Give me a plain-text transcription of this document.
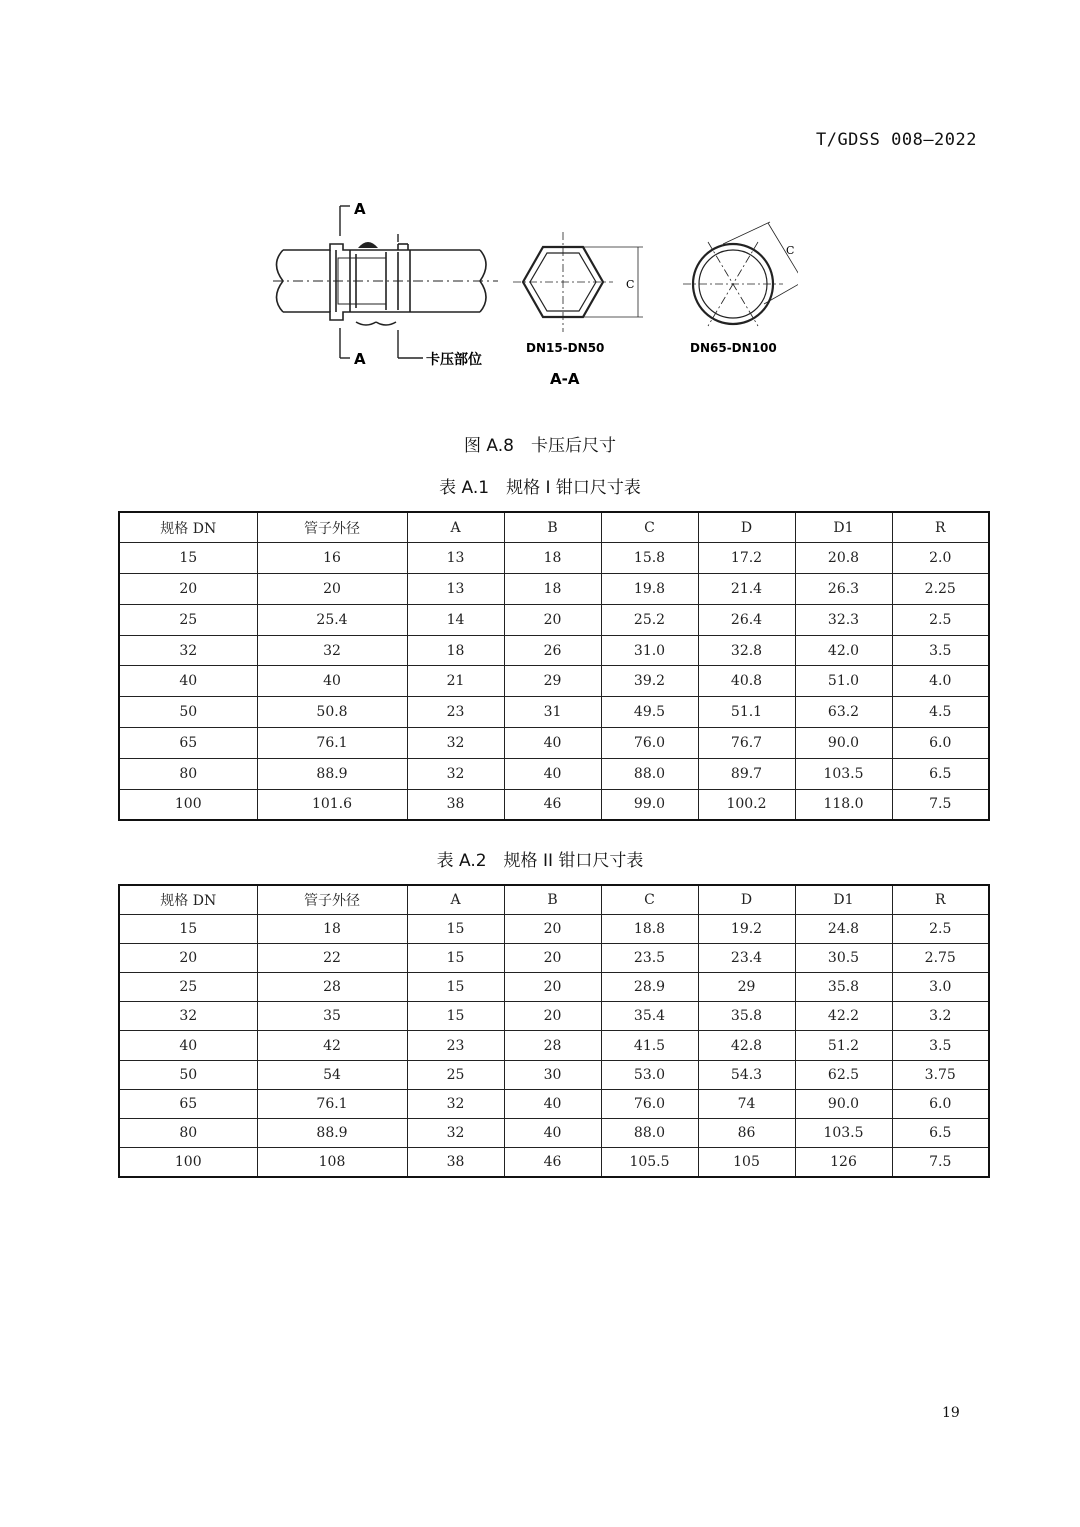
T/GDSS 008—2022
A
A	卡压部位
C
DN15-DN50
A-A
C
DN65-DN100
图 A.8　卡压后尺寸
表 A.1　规格 I 钳口尺寸表
规格 DN	管子外径	A	B	C	D	D1	R
15	16	13	18	15.8	17.2	20.8	2.0
20	20	13	18	19.8	21.4	26.3	2.25
25	25.4	14	20	25.2	26.4	32.3	2.5
32	32	18	26	31.0	32.8	42.0	3.5
40	40	21	29	39.2	40.8	51.0	4.0
50	50.8	23	31	49.5	51.1	63.2	4.5
65	76.1	32	40	76.0	76.7	90.0	6.0
80	88.9	32	40	88.0	89.7	103.5	6.5
100	101.6	38	46	99.0	100.2	118.0	7.5
表 A.2　规格 II 钳口尺寸表
规格 DN	管子外径	A	B	C	D	D1	R
15	18	15	20	18.8	19.2	24.8	2.5
20	22	15	20	23.5	23.4	30.5	2.75
25	28	15	20	28.9	29	35.8	3.0
32	35	15	20	35.4	35.8	42.2	3.2
40	42	23	28	41.5	42.8	51.2	3.5
50	54	25	30	53.0	54.3	62.5	3.75
65	76.1	32	40	76.0	74	90.0	6.0
80	88.9	32	40	88.0	86	103.5	6.5
100	108	38	46	105.5	105	126	7.5
19
